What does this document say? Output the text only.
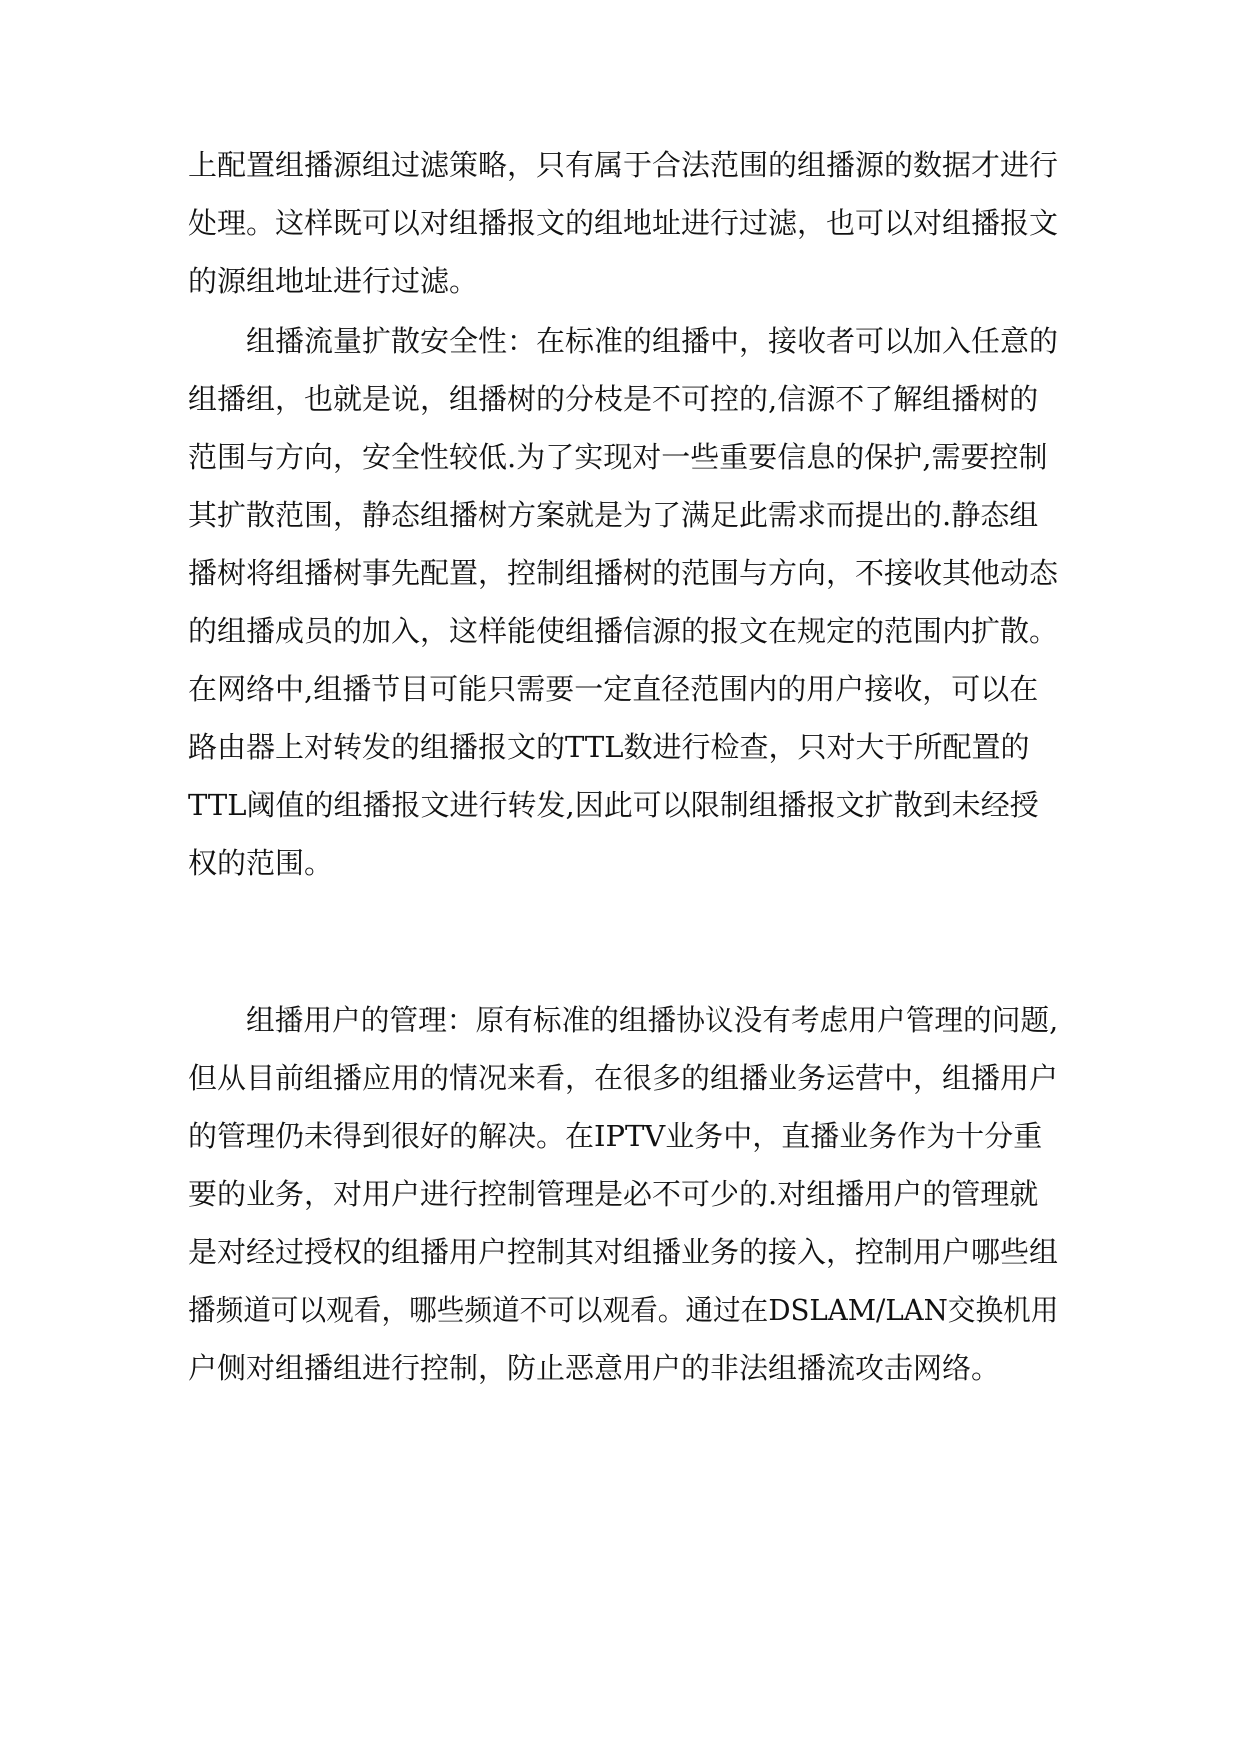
上配置组播源组过滤策略，只有属于合法范围的组播源的数据才进行
处理。这样既可以对组播报文的组地址进行过滤，也可以对组播报文
的源组地址进行过滤。
组播流量扩散安全性：在标准的组播中，接收者可以加入任意的
组播组，也就是说，组播树的分枝是不可控的,信源不了解组播树的
范围与方向，安全性较低.为了实现对一些重要信息的保护,需要控制
其扩散范围，静态组播树方案就是为了满足此需求而提出的.静态组
播树将组播树事先配置，控制组播树的范围与方向，不接收其他动态
的组播成员的加入，这样能使组播信源的报文在规定的范围内扩散。
在网络中,组播节目可能只需要一定直径范围内的用户接收，可以在
路由器上对转发的组播报文的TTL数进行检查，只对大于所配置的
TTL阈值的组播报文进行转发,因此可以限制组播报文扩散到未经授
权的范围。
组播用户的管理：原有标准的组播协议没有考虑用户管理的问题,
但从目前组播应用的情况来看，在很多的组播业务运营中，组播用户
的管理仍未得到很好的解决。在IPTV业务中，直播业务作为十分重
要的业务，对用户进行控制管理是必不可少的.对组播用户的管理就
是对经过授权的组播用户控制其对组播业务的接入，控制用户哪些组
播频道可以观看，哪些频道不可以观看。通过在DSLAM/LAN交换机用
户侧对组播组进行控制，防止恶意用户的非法组播流攻击网络。
